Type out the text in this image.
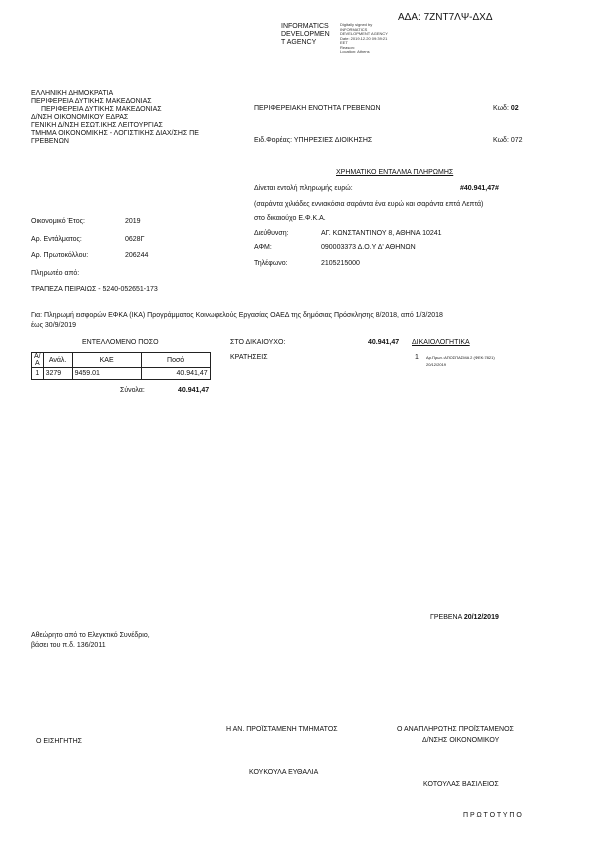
ΑΔΑ: 7ΖΝΤ7ΛΨ-ΔΧΔ
INFORMATICS
DEVELOPMEN
T AGENCY
Digitally signed by
INFORMATICS
DEVELOPMENT AGENCY
Date: 2019.12.20 09:39:21
EET
Reason:
Location: Athens
ΕΛΛΗΝΙΚΗ ΔΗΜΟΚΡΑΤΙΑ
ΠΕΡΙΦΕΡΕΙΑ ΔΥΤΙΚΗΣ ΜΑΚΕΔΟΝΙΑΣ
ΠΕΡΙΦΕΡΕΙΑ ΔΥΤΙΚΗΣ ΜΑΚΕΔΟΝΙΑΣ
Δ/ΝΣΗ ΟΙΚΟΝΟΜΙΚΟΥ ΕΔΡΑΣ
ΓΕΝΙΚΗ Δ/ΝΣΗ ΕΣΩΤ.ΙΚΗΣ ΛΕΙΤΟΥΡΓΙΑΣ
ΤΜΗΜΑ ΟΙΚΟΝΟΜΙΚΗΣ - ΛΟΓΙΣΤΙΚΗΣ ΔΙΑΧ/ΣΗΣ ΠΕ
ΓΡΕΒΕΝΩΝ
ΠΕΡΙΦΕΡΕΙΑΚΗ ΕΝΟΤΗΤΑ ΓΡΕΒΕΝΩΝ	Κωδ: 02
Ειδ.Φορέας: ΥΠΗΡΕΣΙΕΣ ΔΙΟΙΚΗΣΗΣ	Κωδ: 072
ΧΡΗΜΑΤΙΚΟ ΕΝΤΑΛΜΑ ΠΛΗΡΩΜΗΣ
Δίνεται εντολή πληρωμής ευρώ:	#40.941,47#
(σαράντα χιλιάδες εννιακόσια σαράντα ένα ευρώ και σαράντα επτά Λεπτά)
στο δικαιούχο Ε.Φ.Κ.Α.
Διεύθυνση:	ΑΓ. ΚΩΝΣΤΑΝΤΙΝΟΥ 8, ΑΘΗΝΑ 10241
ΑΦΜ:	090003373 Δ.Ο.Υ Δ' ΑΘΗΝΩΝ
Τηλέφωνο:	2105215000
Οικονομικό Έτος:	2019
Αρ. Εντάλματος:	0628Γ
Αρ. Πρωτοκόλλου:	206244
Πληρωτέο από:
ΤΡΑΠΕΖΑ ΠΕΙΡΑΙΩΣ - 5240-052651-173
Για: Πληρωμή εισφορών ΕΦΚΑ (ΙΚΑ) Προγράμματος Κοινωφελούς Εργασίας ΟΑΕΔ της δημόσιας Πρόσκλησης 8/2018, από 1/3/2018
έως 30/9/2019
ΕΝΤΕΛΛΟΜΕΝΟ ΠΟΣΟ
Α/Α	Ανάλ.	ΚΑΕ	Ποσό
1	3279	9459.01	40.941,47
Σύνολα:	40.941,47
ΣΤΟ ΔΙΚΑΙΟΥΧΟ:	40.941,47 ΔΙΚΑΙΟΛΟΓΗΤΙΚΑ
ΚΡΑΤΗΣΕΙΣ	1 Αρ.Πρωτ.:ΑΠΟΣΠΑΣΜΑ 2 (ΦΕΚ:7821)
20/12/2019
ΓΡΕΒΕΝΑ 20/12/2019
Αθεώρητο από το Ελεγκτικό Συνέδριο,
βάσει του π.δ. 136/2011
Ο ΕΙΣΗΓΗΤΗΣ
Η ΑΝ. ΠΡΟΪΣΤΑΜΕΝΗ ΤΜΗΜΑΤΟΣ
ΚΟΥΚΟΥΛΑ ΕΥΘΑΛΙΑ
Ο ΑΝΑΠΛΗΡΩΤΗΣ ΠΡΟΪΣΤΑΜΕΝΟΣ
Δ/ΝΣΗΣ ΟΙΚΟΝΟΜΙΚΟΥ
ΚΟΤΟΥΛΑΣ ΒΑΣΙΛΕΙΟΣ
Π Ρ Ω Τ Ο Τ Υ Π Ο
